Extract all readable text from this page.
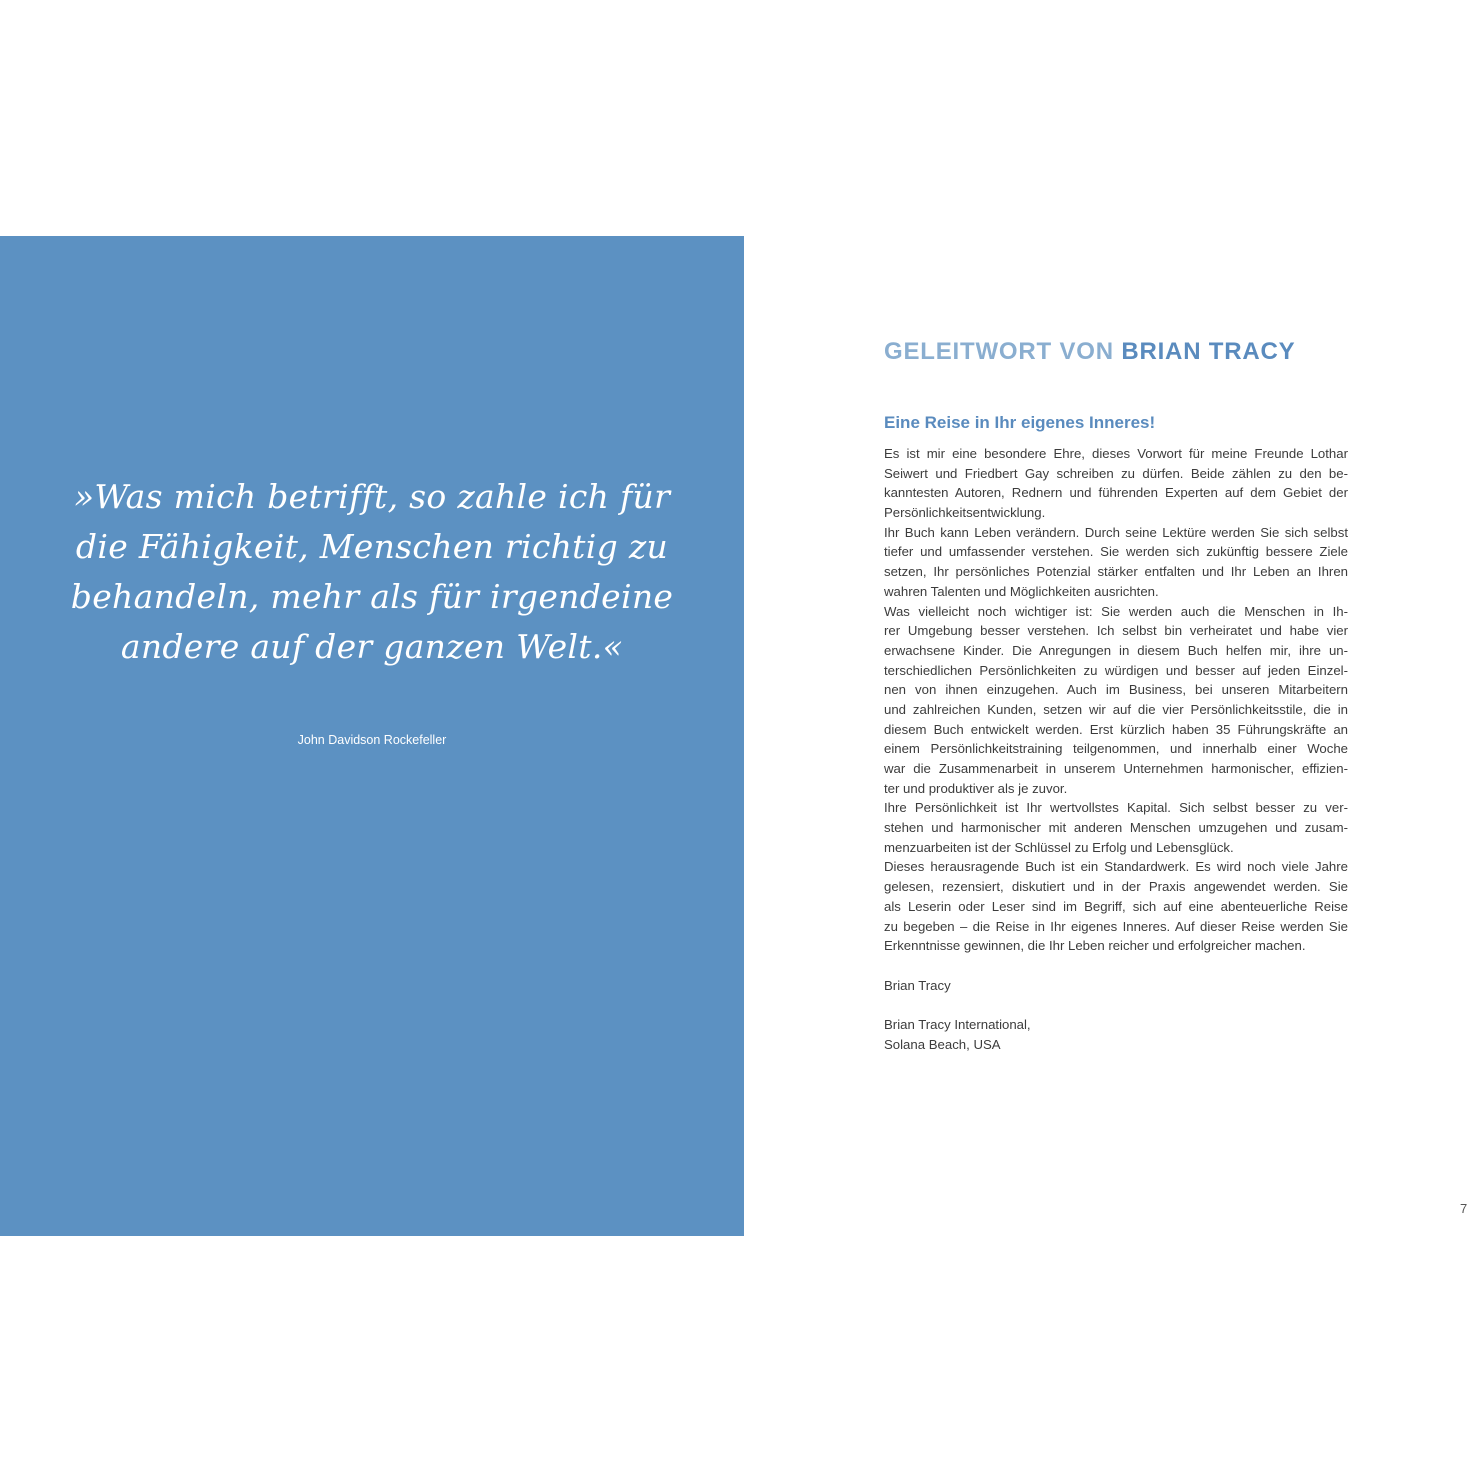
»Was mich betrifft, so zahle ich für
die Fähigkeit, Menschen richtig zu
behandeln, mehr als für irgendeine
andere auf der ganzen Welt.«
John Davidson Rockefeller
GELEITWORT VON BRIAN TRACY
Eine Reise in Ihr eigenes Inneres!
Es ist mir eine besondere Ehre, dieses Vorwort für meine Freunde Lothar
Seiwert und Friedbert Gay schreiben zu dürfen. Beide zählen zu den be-
kanntesten Autoren, Rednern und führenden Experten auf dem Gebiet der
Persönlichkeitsentwicklung.
Ihr Buch kann Leben verändern. Durch seine Lektüre werden Sie sich selbst
tiefer und umfassender verstehen. Sie werden sich zukünftig bessere Ziele
setzen, Ihr persönliches Potenzial stärker entfalten und Ihr Leben an Ihren
wahren Talenten und Möglichkeiten ausrichten.
Was vielleicht noch wichtiger ist: Sie werden auch die Menschen in Ih-
rer Umgebung besser verstehen. Ich selbst bin verheiratet und habe vier
erwachsene Kinder. Die Anregungen in diesem Buch helfen mir, ihre un-
terschiedlichen Persönlichkeiten zu würdigen und besser auf jeden Einzel-
nen von ihnen einzugehen. Auch im Business, bei unseren Mitarbeitern
und zahlreichen Kunden, setzen wir auf die vier Persönlichkeitsstile, die in
diesem Buch entwickelt werden. Erst kürzlich haben 35 Führungskräfte an
einem Persönlichkeitstraining teilgenommen, und innerhalb einer Woche
war die Zusammenarbeit in unserem Unternehmen harmonischer, effizien-
ter und produktiver als je zuvor.
Ihre Persönlichkeit ist Ihr wertvollstes Kapital. Sich selbst besser zu ver-
stehen und harmonischer mit anderen Menschen umzugehen und zusam-
menzuarbeiten ist der Schlüssel zu Erfolg und Lebensglück.
Dieses herausragende Buch ist ein Standardwerk. Es wird noch viele Jahre
gelesen, rezensiert, diskutiert und in der Praxis angewendet werden. Sie
als Leserin oder Leser sind im Begriff, sich auf eine abenteuerliche Reise
zu begeben – die Reise in Ihr eigenes Inneres. Auf dieser Reise werden Sie
Erkenntnisse gewinnen, die Ihr Leben reicher und erfolgreicher machen.
Brian Tracy
Brian Tracy International,
Solana Beach, USA
7
